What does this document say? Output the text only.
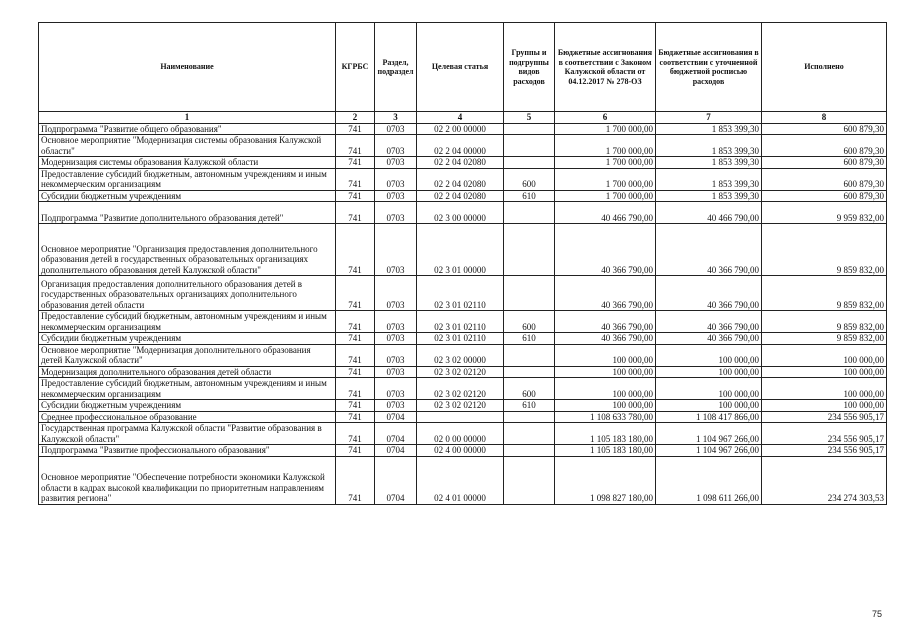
Наименование	КГРБС	Раздел, подраздел	Целевая статья	Группы и подгруппы видов расходов	Бюджетные ассигнования в соответствии с Законом Калужской области от 04.12.2017 № 278-ОЗ	Бюджетные ассигнования в соответствии с уточненной бюджетной росписью расходов	Исполнено
1	2	3	4	5	6	7	8
Подпрограмма "Развитие общего образования"	741	0703	02 2 00 00000		1 700 000,00	1 853 399,30	600 879,30
Основное мероприятие "Модернизация системы образования Калужской области"	741	0703	02 2 04 00000		1 700 000,00	1 853 399,30	600 879,30
Модернизация системы образования Калужской области	741	0703	02 2 04 02080		1 700 000,00	1 853 399,30	600 879,30
Предоставление субсидий бюджетным, автономным учреждениям и иным некоммерческим организациям	741	0703	02 2 04 02080	600	1 700 000,00	1 853 399,30	600 879,30
Субсидии бюджетным учреждениям	741	0703	02 2 04 02080	610	1 700 000,00	1 853 399,30	600 879,30
Подпрограмма "Развитие дополнительного образования детей"	741	0703	02 3 00 00000		40 466 790,00	40 466 790,00	9 959 832,00
Основное мероприятие "Организация предоставления дополнительного образования детей в государственных образовательных организациях дополнительного образования детей Калужской области"	741	0703	02 3 01 00000		40 366 790,00	40 366 790,00	9 859 832,00
Организация предоставления дополнительного образования детей в государственных образовательных организациях дополнительного образования детей области	741	0703	02 3 01 02110		40 366 790,00	40 366 790,00	9 859 832,00
Предоставление субсидий бюджетным, автономным учреждениям и иным некоммерческим организациям	741	0703	02 3 01 02110	600	40 366 790,00	40 366 790,00	9 859 832,00
Субсидии бюджетным учреждениям	741	0703	02 3 01 02110	610	40 366 790,00	40 366 790,00	9 859 832,00
Основное мероприятие "Модернизация дополнительного образования детей Калужской области"	741	0703	02 3 02 00000		100 000,00	100 000,00	100 000,00
Модернизация дополнительного образования детей области	741	0703	02 3 02 02120		100 000,00	100 000,00	100 000,00
Предоставление субсидий бюджетным, автономным учреждениям и иным некоммерческим организациям	741	0703	02 3 02 02120	600	100 000,00	100 000,00	100 000,00
Субсидии бюджетным учреждениям	741	0703	02 3 02 02120	610	100 000,00	100 000,00	100 000,00
Среднее профессиональное образование	741	0704			1 108 633 780,00	1 108 417 866,00	234 556 905,17
Государственная программа Калужской области "Развитие образования в Калужской области"	741	0704	02 0 00 00000		1 105 183 180,00	1 104 967 266,00	234 556 905,17
Подпрограмма "Развитие профессионального образования"	741	0704	02 4 00 00000		1 105 183 180,00	1 104 967 266,00	234 556 905,17
Основное мероприятие "Обеспечение потребности экономики Калужской области в кадрах высокой квалификации по приоритетным направлениям развития региона"	741	0704	02 4 01 00000		1 098 827 180,00	1 098 611 266,00	234 274 303,53
75
